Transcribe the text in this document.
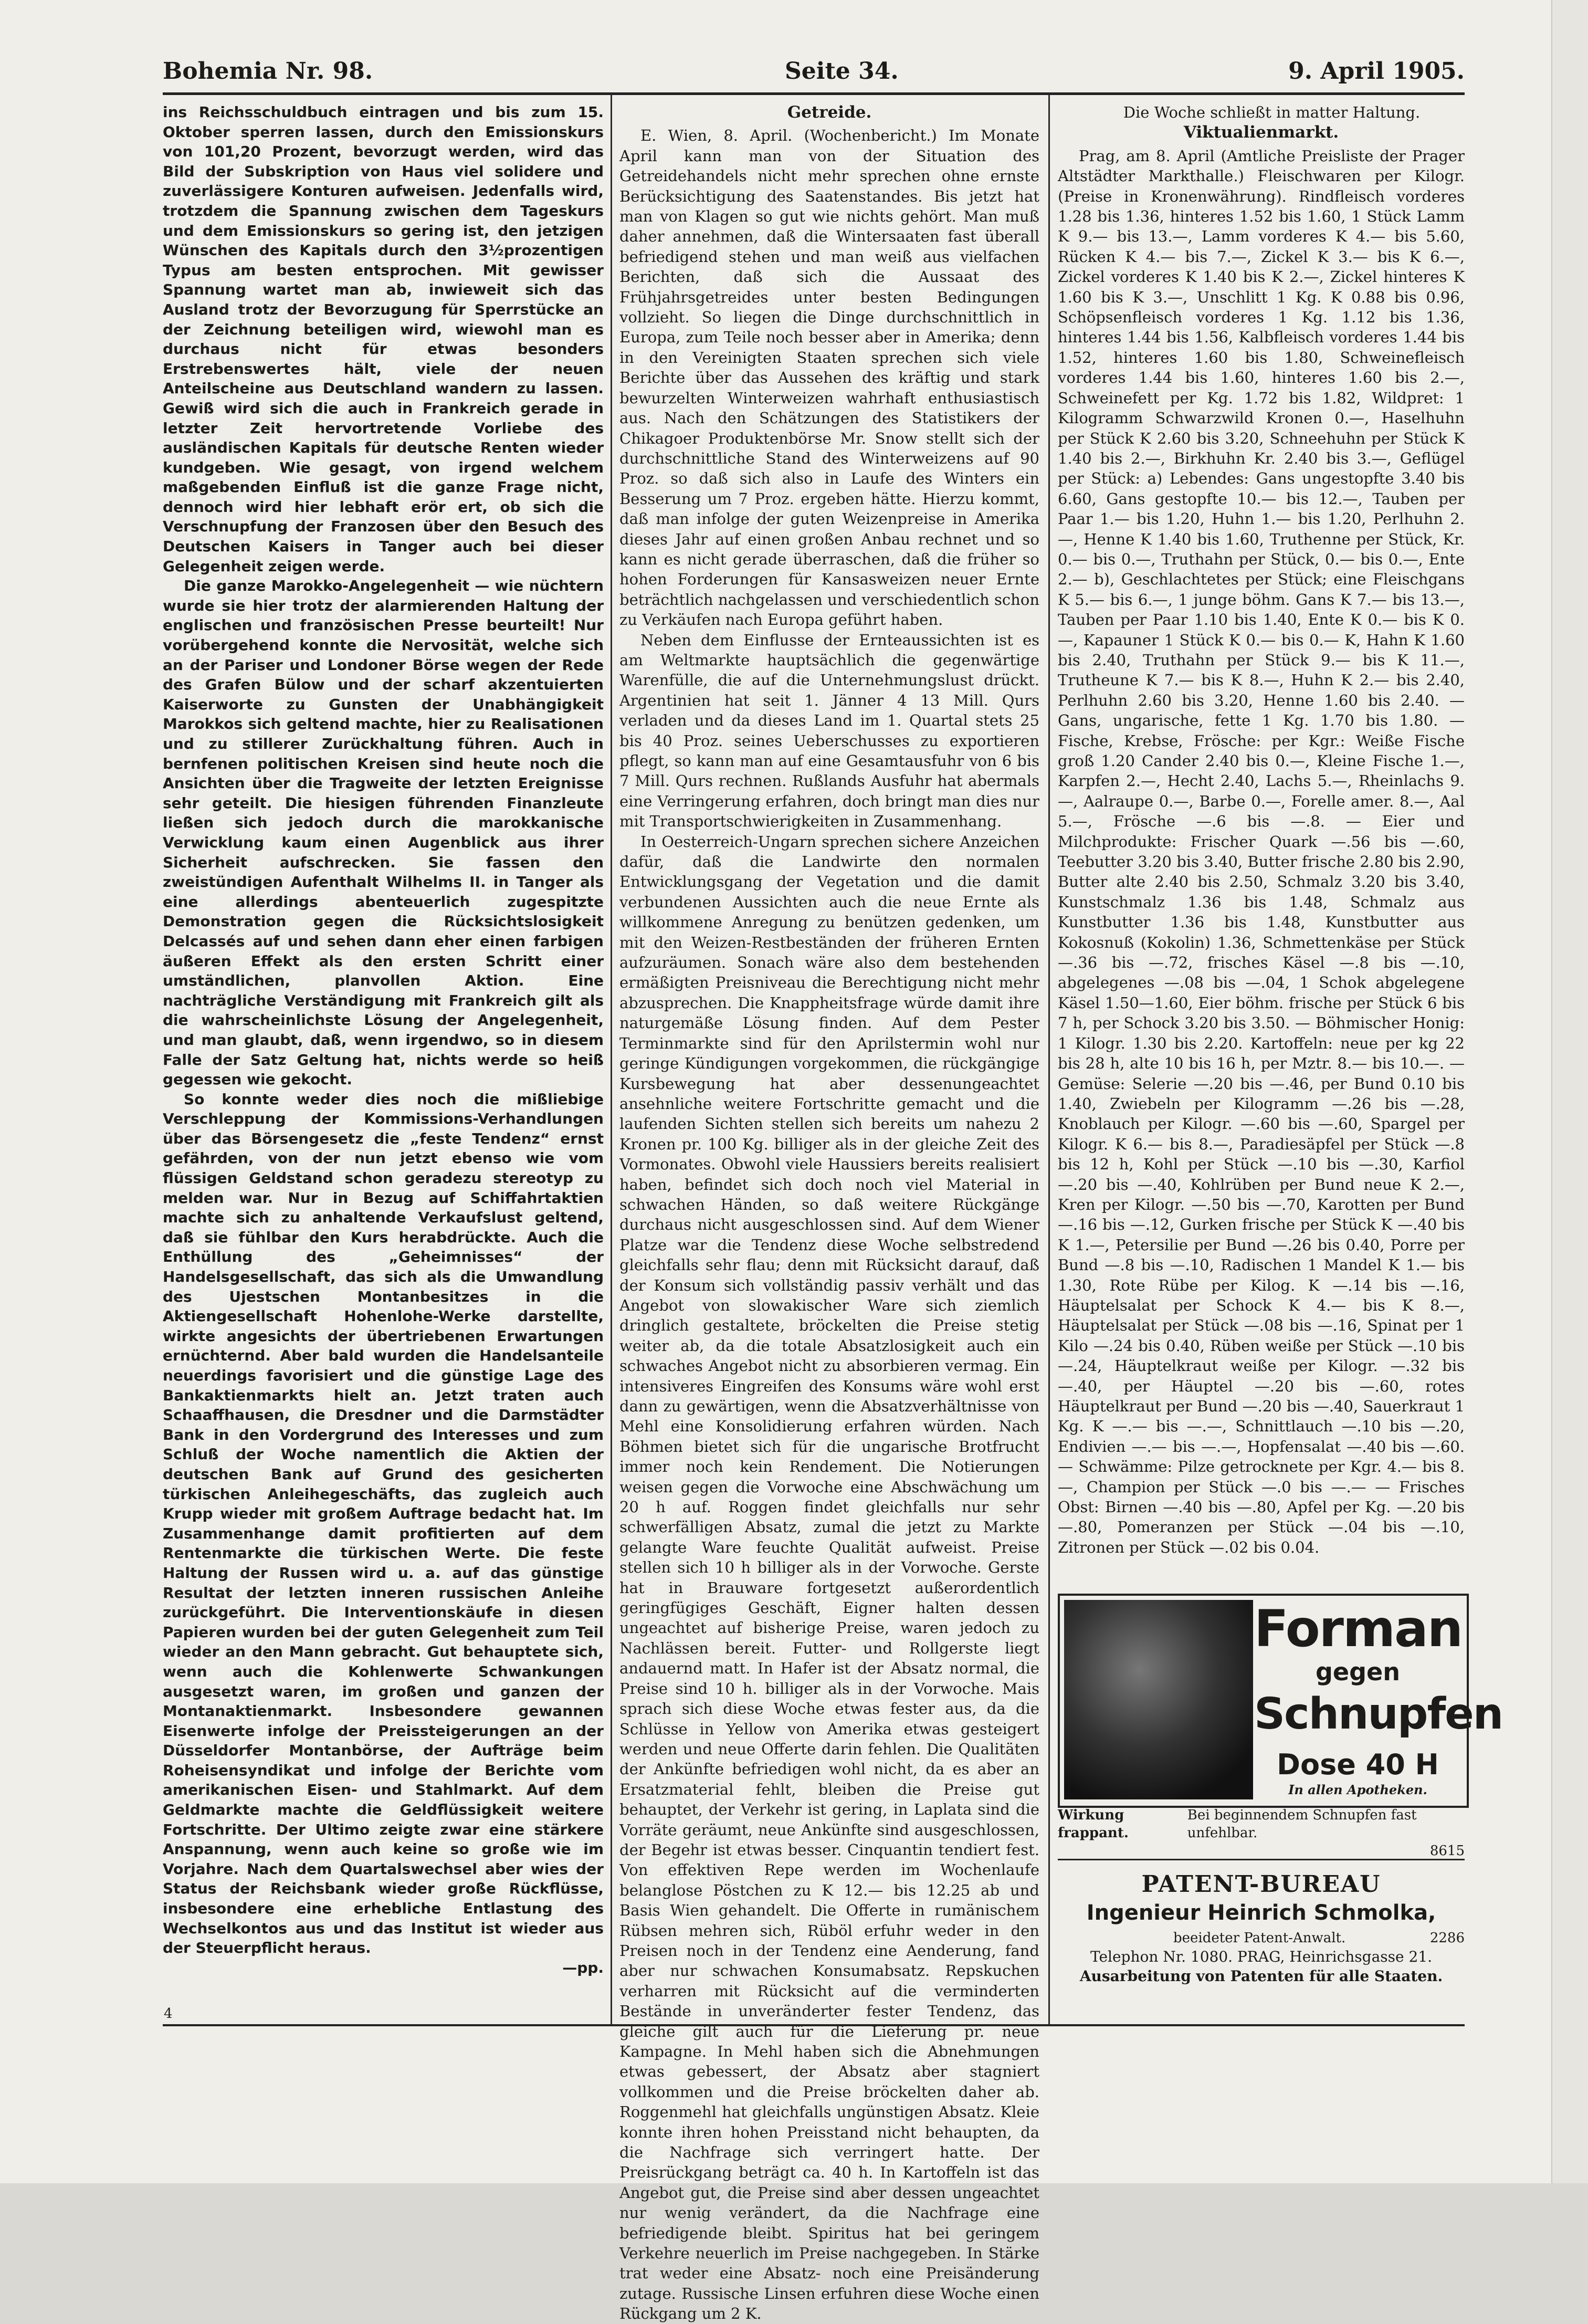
Bohemia Nr. 98.	Seite 34.	9. April 1905.

ins Reichsschuldbuch eintragen und bis zum 15. Oktober sperren lassen, durch den Emissionskurs von 101,20 Prozent, bevorzugt werden, wird das Bild der Subskription von Haus viel solidere und zuverlässigere Konturen aufweisen. Jedenfalls wird, trotzdem die Spannung zwischen dem Tageskurs und dem Emissionskurs so gering ist, den jetzigen Wünschen des Kapitals durch den 3½prozentigen Typus am besten entsprochen. Mit gewisser Spannung wartet man ab, inwieweit sich das Ausland trotz der Bevorzugung für Sperrstücke an der Zeichnung beteiligen wird, wiewohl man es durchaus nicht für etwas besonders Erstrebenswertes hält, viele der neuen Anteilscheine aus Deutschland wandern zu lassen. Gewiß wird sich die auch in Frankreich gerade in letzter Zeit hervortretende Vorliebe des ausländischen Kapitals für deutsche Renten wieder kundgeben. Wie gesagt, von irgend welchem maßgebenden Einfluß ist die ganze Frage nicht, dennoch wird hier lebhaft erör ert, ob sich die Verschnupfung der Franzosen über den Besuch des Deutschen Kaisers in Tanger auch bei dieser Gelegenheit zeigen werde.

Die ganze Marokko-Angelegenheit — wie nüchtern wurde sie hier trotz der alarmierenden Haltung der englischen und französischen Presse beurteilt! Nur vorübergehend konnte die Nervosität, welche sich an der Pariser und Londoner Börse wegen der Rede des Grafen Bülow und der scharf akzentuierten Kaiserworte zu Gunsten der Unabhängigkeit Marokkos sich geltend machte, hier zu Realisationen und zu stillerer Zurückhaltung führen. Auch in bernfenen politischen Kreisen sind heute noch die Ansichten über die Tragweite der letzten Ereignisse sehr geteilt. Die hiesigen führenden Finanzleute ließen sich jedoch durch die marokkanische Verwicklung kaum einen Augenblick aus ihrer Sicherheit aufschrecken. Sie fassen den zweistündigen Aufenthalt Wilhelms II. in Tanger als eine allerdings abenteuerlich zugespitzte Demonstration gegen die Rücksichtslosigkeit Delcassés auf und sehen dann eher einen farbigen äußeren Effekt als den ersten Schritt einer umständlichen, planvollen Aktion. Eine nachträgliche Verständigung mit Frankreich gilt als die wahrscheinlichste Lösung der Angelegenheit, und man glaubt, daß, wenn irgendwo, so in diesem Falle der Satz Geltung hat, nichts werde so heiß gegessen wie gekocht.

So konnte weder dies noch die mißliebige Verschleppung der Kommissions-Verhandlungen über das Börsengesetz die „feste Tendenz“ ernst gefährden, von der nun jetzt ebenso wie vom flüssigen Geldstand schon geradezu stereotyp zu melden war. Nur in Bezug auf Schiffahrtaktien machte sich zu anhaltende Verkaufslust geltend, daß sie fühlbar den Kurs herabdrückte. Auch die Enthüllung des „Geheimnisses“ der Handelsgesellschaft, das sich als die Umwandlung des Ujestschen Montanbesitzes in die Aktiengesellschaft Hohenlohe-Werke darstellte, wirkte angesichts der übertriebenen Erwartungen ernüchternd. Aber bald wurden die Handelsanteile neuerdings favorisiert und die günstige Lage des Bankaktienmarkts hielt an. Jetzt traten auch Schaaffhausen, die Dresdner und die Darmstädter Bank in den Vordergrund des Interesses und zum Schluß der Woche namentlich die Aktien der deutschen Bank auf Grund des gesicherten türkischen Anleihegeschäfts, das zugleich auch Krupp wieder mit großem Auftrage bedacht hat. Im Zusammenhange damit profitierten auf dem Rentenmarkte die türkischen Werte. Die feste Haltung der Russen wird u. a. auf das günstige Resultat der letzten inneren russischen Anleihe zurückgeführt. Die Interventionskäufe in diesen Papieren wurden bei der guten Gelegenheit zum Teil wieder an den Mann gebracht. Gut behauptete sich, wenn auch die Kohlenwerte Schwankungen ausgesetzt waren, im großen und ganzen der Montanaktienmarkt. Insbesondere gewannen Eisenwerte infolge der Preissteigerungen an der Düsseldorfer Montanbörse, der Aufträge beim Roheisensyndikat und infolge der Berichte vom amerikanischen Eisen- und Stahlmarkt. Auf dem Geldmarkte machte die Geldflüssigkeit weitere Fortschritte. Der Ultimo zeigte zwar eine stärkere Anspannung, wenn auch keine so große wie im Vorjahre. Nach dem Quartalswechsel aber wies der Status der Reichsbank wieder große Rückflüsse, insbesondere eine erhebliche Entlastung des Wechselkontos aus und das Institut ist wieder aus der Steuerpflicht heraus.

—pp.
4
Getreide.

E. Wien, 8. April. (Wochenbericht.) Im Monate April kann man von der Situation des Getreidehandels nicht mehr sprechen ohne ernste Berücksichtigung des Saatenstandes. Bis jetzt hat man von Klagen so gut wie nichts gehört. Man muß daher annehmen, daß die Wintersaaten fast überall befriedigend stehen und man weiß aus vielfachen Berichten, daß sich die Aussaat des Frühjahrsgetreides unter besten Bedingungen vollzieht. So liegen die Dinge durchschnittlich in Europa, zum Teile noch besser aber in Amerika; denn in den Vereinigten Staaten sprechen sich viele Berichte über das Aussehen des kräftig und stark bewurzelten Winterweizen wahrhaft enthusiastisch aus. Nach den Schätzungen des Statistikers der Chikagoer Produktenbörse Mr. Snow stellt sich der durchschnittliche Stand des Winterweizens auf 90 Proz. so daß sich also in Laufe des Winters ein Besserung um 7 Proz. ergeben hätte. Hierzu kommt, daß man infolge der guten Weizenpreise in Amerika dieses Jahr auf einen großen Anbau rechnet und so kann es nicht gerade überraschen, daß die früher so hohen Forderungen für Kansasweizen neuer Ernte beträchtlich nachgelassen und verschiedentlich schon zu Verkäufen nach Europa geführt haben.

Neben dem Einflusse der Ernteaussichten ist es am Weltmarkte hauptsächlich die gegenwärtige Warenfülle, die auf die Unternehmungslust drückt. Argentinien hat seit 1. Jänner 4 13 Mill. Qurs verladen und da dieses Land im 1. Quartal stets 25 bis 40 Proz. seines Ueberschusses zu exportieren pflegt, so kann man auf eine Gesamtausfuhr von 6 bis 7 Mill. Qurs rechnen. Rußlands Ausfuhr hat abermals eine Verringerung erfahren, doch bringt man dies nur mit Transportschwierigkeiten in Zusammenhang.

In Oesterreich-Ungarn sprechen sichere Anzeichen dafür, daß die Landwirte den normalen Entwicklungsgang der Vegetation und die damit verbundenen Aussichten auch die neue Ernte als willkommene Anregung zu benützen gedenken, um mit den Weizen-Restbeständen der früheren Ernten aufzuräumen. Sonach wäre also dem bestehenden ermäßigten Preisniveau die Berechtigung nicht mehr abzusprechen. Die Knappheitsfrage würde damit ihre naturgemäße Lösung finden. Auf dem Pester Terminmarkte sind für den Aprilstermin wohl nur geringe Kündigungen vorgekommen, die rückgängige Kursbewegung hat aber dessenungeachtet ansehnliche weitere Fortschritte gemacht und die laufenden Sichten stellen sich bereits um nahezu 2 Kronen pr. 100 Kg. billiger als in der gleiche Zeit des Vormonates. Obwohl viele Haussiers bereits realisiert haben, befindet sich doch noch viel Material in schwachen Händen, so daß weitere Rückgänge durchaus nicht ausgeschlossen sind. Auf dem Wiener Platze war die Tendenz diese Woche selbstredend gleichfalls sehr flau; denn mit Rücksicht darauf, daß der Konsum sich vollständig passiv verhält und das Angebot von slowakischer Ware sich ziemlich dringlich gestaltete, bröckelten die Preise stetig weiter ab, da die totale Absatzlosigkeit auch ein schwaches Angebot nicht zu absorbieren vermag. Ein intensiveres Eingreifen des Konsums wäre wohl erst dann zu gewärtigen, wenn die Absatzverhältnisse von Mehl eine Konsolidierung erfahren würden. Nach Böhmen bietet sich für die ungarische Brotfrucht immer noch kein Rendement. Die Notierungen weisen gegen die Vorwoche eine Abschwächung um 20 h auf. Roggen findet gleichfalls nur sehr schwerfälligen Absatz, zumal die jetzt zu Markte gelangte Ware feuchte Qualität aufweist. Preise stellen sich 10 h billiger als in der Vorwoche. Gerste hat in Brauware fortgesetzt außerordentlich geringfügiges Geschäft, Eigner halten dessen ungeachtet auf bisherige Preise, waren jedoch zu Nachlässen bereit. Futter- und Rollgerste liegt andauernd matt. In Hafer ist der Absatz normal, die Preise sind 10 h. billiger als in der Vorwoche. Mais sprach sich diese Woche etwas fester aus, da die Schlüsse in Yellow von Amerika etwas gesteigert werden und neue Offerte darin fehlen. Die Qualitäten der Ankünfte befriedigen wohl nicht, da es aber an Ersatzmaterial fehlt, bleiben die Preise gut behauptet, der Verkehr ist gering, in Laplata sind die Vorräte geräumt, neue Ankünfte sind ausgeschlossen, der Begehr ist etwas besser. Cinquantin tendiert fest. Von effektiven Repe werden im Wochenlaufe belanglose Pöstchen zu K 12.— bis 12.25 ab und Basis Wien gehandelt. Die Offerte in rumänischem Rübsen mehren sich, Rüböl erfuhr weder in den Preisen noch in der Tendenz eine Aenderung, fand aber nur schwachen Konsumabsatz. Repskuchen verharren mit Rücksicht auf die verminderten Bestände in unveränderter fester Tendenz, das gleiche gilt auch für die Lieferung pr. neue Kampagne. In Mehl haben sich die Abnehmungen etwas gebessert, der Absatz aber stagniert vollkommen und die Preise bröckelten daher ab. Roggenmehl hat gleichfalls ungünstigen Absatz. Kleie konnte ihren hohen Preisstand nicht behaupten, da die Nachfrage sich verringert hatte. Der Preisrückgang beträgt ca. 40 h. In Kartoffeln ist das Angebot gut, die Preise sind aber dessen ungeachtet nur wenig verändert, da die Nachfrage eine befriedigende bleibt. Spiritus hat bei geringem Verkehre neuerlich im Preise nachgegeben. In Stärke trat weder eine Absatz- noch eine Preisänderung zutage. Russische Linsen erfuhren diese Woche einen Rückgang um 2 K.

Die Woche schließt in matter Haltung.

Viktualienmarkt.

Prag, am 8. April (Amtliche Preisliste der Prager Altstädter Markthalle.) Fleischwaren per Kilogr. (Preise in Kronenwährung). Rindfleisch vorderes 1.28 bis 1.36, hinteres 1.52 bis 1.60, 1 Stück Lamm K 9.— bis 13.—, Lamm vorderes K 4.— bis 5.60, Rücken K 4.— bis 7.—, Zickel K 3.— bis K 6.—, Zickel vorderes K 1.40 bis K 2.—, Zickel hinteres K 1.60 bis K 3.—, Unschlitt 1 Kg. K 0.88 bis 0.96, Schöpsenfleisch vorderes 1 Kg. 1.12 bis 1.36, hinteres 1.44 bis 1.56, Kalbfleisch vorderes 1.44 bis 1.52, hinteres 1.60 bis 1.80, Schweinefleisch vorderes 1.44 bis 1.60, hinteres 1.60 bis 2.—, Schweinefett per Kg. 1.72 bis 1.82, Wildpret: 1 Kilogramm Schwarzwild Kronen 0.—, Haselhuhn per Stück K 2.60 bis 3.20, Schneehuhn per Stück K 1.40 bis 2.—, Birkhuhn Kr. 2.40 bis 3.—, Geflügel per Stück: a) Lebendes: Gans ungestopfte 3.40 bis 6.60, Gans gestopfte 10.— bis 12.—, Tauben per Paar 1.— bis 1.20, Huhn 1.— bis 1.20, Perlhuhn 2.—, Henne K 1.40 bis 1.60, Truthenne per Stück, Kr. 0.— bis 0.—, Truthahn per Stück, 0.— bis 0.—, Ente 2.— b), Geschlachtetes per Stück; eine Fleischgans K 5.— bis 6.—, 1 junge böhm. Gans K 7.— bis 13.—, Tauben per Paar 1.10 bis 1.40, Ente K 0.— bis K 0.—, Kapauner 1 Stück K 0.— bis 0.— K, Hahn K 1.60 bis 2.40, Truthahn per Stück 9.— bis K 11.—, Trutheune K 7.— bis K 8.—, Huhn K 2.— bis 2.40, Perlhuhn 2.60 bis 3.20, Henne 1.60 bis 2.40. — Gans, ungarische, fette 1 Kg. 1.70 bis 1.80. — Fische, Krebse, Frösche: per Kgr.: Weiße Fische groß 1.20 Cander 2.40 bis 0.—, Kleine Fische 1.—, Karpfen 2.—, Hecht 2.40, Lachs 5.—, Rheinlachs 9.—, Aalraupe 0.—, Barbe 0.—, Forelle amer. 8.—, Aal 5.—, Frösche —.6 bis —.8. — Eier und Milchprodukte: Frischer Quark —.56 bis —.60, Teebutter 3.20 bis 3.40, Butter frische 2.80 bis 2.90, Butter alte 2.40 bis 2.50, Schmalz 3.20 bis 3.40, Kunstschmalz 1.36 bis 1.48, Schmalz aus Kunstbutter 1.36 bis 1.48, Kunstbutter aus Kokosnuß (Kokolin) 1.36, Schmettenkäse per Stück —.36 bis —.72, frisches Käsel —.8 bis —.10, abgelegenes —.08 bis —.04, 1 Schok abgelegene Käsel 1.50—1.60, Eier böhm. frische per Stück 6 bis 7 h, per Schock 3.20 bis 3.50. — Böhmischer Honig: 1 Kilogr. 1.30 bis 2.20. Kartoffeln: neue per kg 22 bis 28 h, alte 10 bis 16 h, per Mztr. 8.— bis 10.—. — Gemüse: Selerie —.20 bis —.46, per Bund 0.10 bis 1.40, Zwiebeln per Kilogramm —.26 bis —.28, Knoblauch per Kilogr. —.60 bis —.60, Spargel per Kilogr. K 6.— bis 8.—, Paradiesäpfel per Stück —.8 bis 12 h, Kohl per Stück —.10 bis —.30, Karfiol —.20 bis —.40, Kohlrüben per Bund neue K 2.—, Kren per Kilogr. —.50 bis —.70, Karotten per Bund —.16 bis —.12, Gurken frische per Stück K —.40 bis K 1.—, Petersilie per Bund —.26 bis 0.40, Porre per Bund —.8 bis —.10, Radischen 1 Mandel K 1.— bis 1.30, Rote Rübe per Kilog. K —.14 bis —.16, Häuptelsalat per Schock K 4.— bis K 8.—, Häuptelsalat per Stück —.08 bis —.16, Spinat per 1 Kilo —.24 bis 0.40, Rüben weiße per Stück —.10 bis —.24, Häuptelkraut weiße per Kilogr. —.32 bis —.40, per Häuptel —.20 bis —.60, rotes Häuptelkraut per Bund —.20 bis —.40, Sauerkraut 1 Kg. K —.— bis —.—, Schnittlauch —.10 bis —.20, Endivien —.— bis —.—, Hopfensalat —.40 bis —.60. — Schwämme: Pilze getrocknete per Kgr. 4.— bis 8.—, Champion per Stück —.0 bis —.— — Frisches Obst: Birnen —.40 bis —.80, Apfel per Kg. —.20 bis —.80, Pomeranzen per Stück —.04 bis —.10, Zitronen per Stück —.02 bis 0.04.

Forman
gegen
Schnupfen
Dose 40 H
In allen Apotheken.
Wirkung frappant.
Bei beginnendem Schnupfen fast unfehlbar.
8615
PATENT-BUREAU
Ingenieur Heinrich Schmolka,
beeideter Patent-Anwalt.	2286
Telephon Nr. 1080. PRAG, Heinrichsgasse 21.
Ausarbeitung von Patenten für alle Staaten.
